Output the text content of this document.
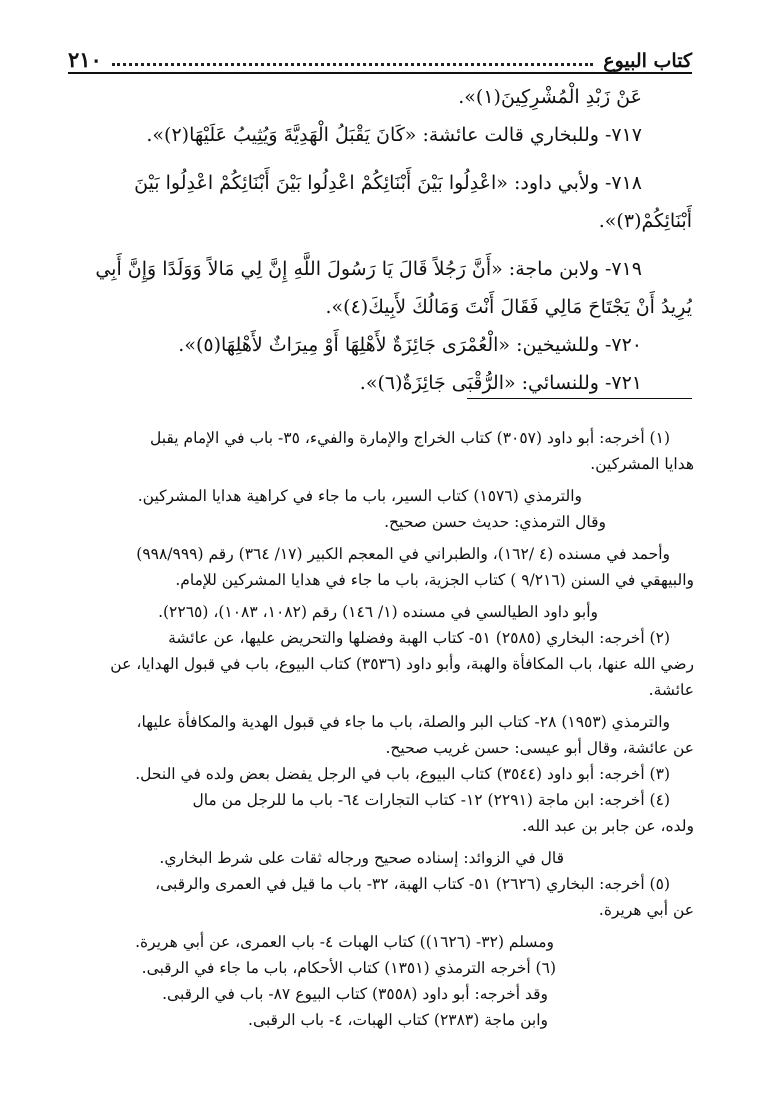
كتاب البيوع
٢١٠
عَنْ زَبْدِ الْمُشْرِكِينَ(١)».
٧١٧- وللبخاري قالت عائشة: «كَانَ يَقْبَلُ الْهَدِيَّةَ وَيُثِيبُ عَلَيْهَا(٢)».
٧١٨- ولأبي داود: «اعْدِلُوا بَيْنَ أَبْنَائِكُمْ اعْدِلُوا بَيْنَ أَبْنَائِكُمْ اعْدِلُوا بَيْنَ
أَبْنَائِكُمْ(٣)».
٧١٩- ولابن ماجة: «أَنَّ رَجُلاً قَالَ يَا رَسُولَ اللَّهِ إِنَّ لِي مَالاً وَوَلَدًا وَإِنَّ أَبِي
يُرِيدُ أَنْ يَجْتَاحَ مَالِي فَقَالَ أَنْتَ وَمَالُكَ لأَبِيكَ(٤)».
٧٢٠- وللشيخين: «الْعُمْرَى جَائِزَةٌ لأَهْلِهَا أَوْ مِيرَاثٌ لأَهْلِهَا(٥)».
٧٢١- وللنسائي: «الرُّقْبَى جَائِزَةٌ(٦)».
(١) أخرجه: أبو داود (٣٠٥٧) كتاب الخراج والإمارة والفيء، ٣٥- باب في الإمام يقبل
هدايا المشركين.
والترمذي (١٥٧٦) كتاب السير، باب ما جاء في كراهية هدايا المشركين.
وقال الترمذي: حديث حسن صحيح.
وأحمد في مسنده (٤ /١٦٢)، والطبراني في المعجم الكبير (١٧/ ٣٦٤) رقم (٩٩٨/٩٩٩)
والبيهقي في السنن (٩/٢١٦ ) كتاب الجزية، باب ما جاء في هدايا المشركين للإمام.
وأبو داود الطيالسي في مسنده (١/ ١٤٦) رقم (١٠٨٢، ١٠٨٣)، (٢٢٦٥).
(٢) أخرجه: البخاري (٢٥٨٥) ٥١- كتاب الهبة وفضلها والتحريض عليها، عن عائشة
رضي الله عنها، باب المكافأة والهبة، وأبو داود (٣٥٣٦) كتاب البيوع، باب في قبول الهدايا، عن
عائشة.
والترمذي (١٩٥٣) ٢٨- كتاب البر والصلة، باب ما جاء في قبول الهدية والمكافأة عليها،
عن عائشة، وقال أبو عيسى: حسن غريب صحيح.
(٣) أخرجه: أبو داود (٣٥٤٤) كتاب البيوع، باب في الرجل يفضل بعض ولده في النحل.
(٤) أخرجه: ابن ماجة (٢٢٩١) ١٢- كتاب التجارات ٦٤- باب ما للرجل من مال
ولده، عن جابر بن عبد الله.
قال في الزوائد: إسناده صحيح ورجاله ثقات على شرط البخاري.
(٥) أخرجه: البخاري (٢٦٢٦) ٥١- كتاب الهبة، ٣٢- باب ما قيل في العمرى والرقبى،
عن أبي هريرة.
ومسلم (٣٢- (١٦٢٦)) كتاب الهبات ٤- باب العمرى، عن أبي هريرة.
(٦) أخرجه الترمذي (١٣٥١) كتاب الأحكام، باب ما جاء في الرقبى.
وقد أخرجه: أبو داود (٣٥٥٨) كتاب البيوع ٨٧- باب في الرقبى.
وابن ماجة (٢٣٨٣) كتاب الهبات، ٤- باب الرقبى.
